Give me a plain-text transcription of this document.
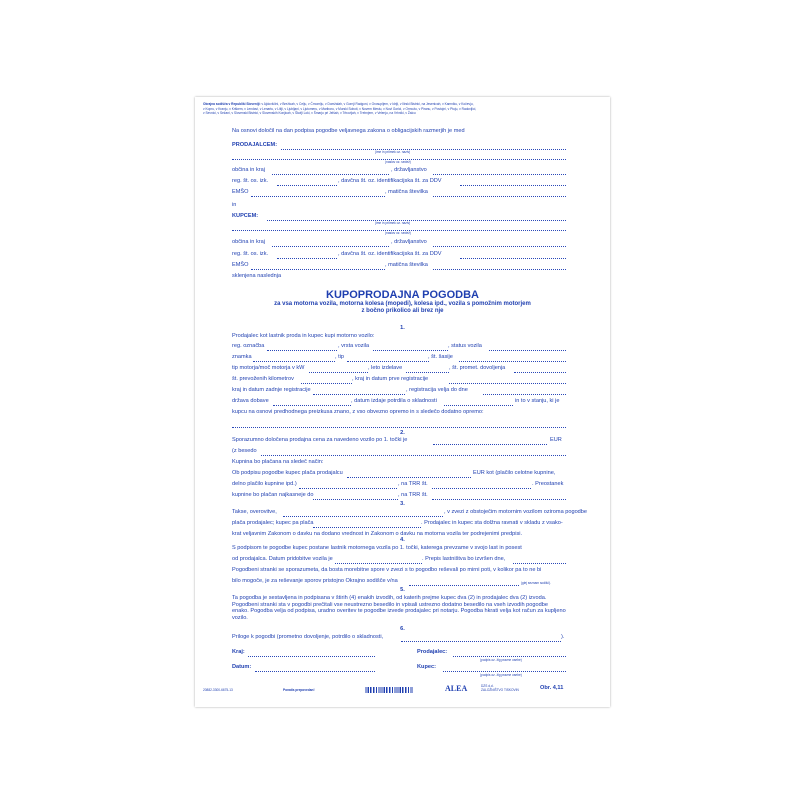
Okrajna sodišča v Republiki Sloveniji: v Ajdovščini, v Brežicah, v Celju, v Črnomlju, v Domžalah, v Gornji Radgoni, v Grosupljem, v Idriji, v Ilirski Bistrici, na Jesenicah, v Kamniku, v Kočevju,
v Kopru, v Kranju, v Krškem, v Lendavi, v Lenartu, v Litiji, v Ljubljani, v Ljutomeru, v Mariboru, v Murski Soboti, v Novem Mestu, v Novi Gorici, v Ormožu, v Piranu, v Postojni, v Ptuju, v Radovljici,
v Sevnici, v Sežani, v Slovenski Bistrici, v Slovenskih Konjicah, v Škofji Loki, v Šmarju pri Jelšah, v Trbovljah, v Trebnjem, v Velenju, na Vrhniki, v Žalcu
Na osnovi določil na dan podpisa pogodbe veljavnega zakona o obligacijskih razmerjih je med
PRODAJALCEM:
(ime in priimek oz. naziv)
(naslov oz. sedež)
občina in kraj	, državljanstvo
reg. št. os. izk.	, davčna št. oz. identifikacijska št. za DDV
EMŠO	, matična številka
in
KUPCEM:
(ime in priimek oz. naziv)
(naslov oz. sedež)
občina in kraj	, državljanstvo
reg. št. os. izk.	, davčna št. oz. identifikacijska št. za DDV
EMŠO	, matična številka
sklenjena naslednja
KUPOPRODAJNA POGODBA
za vsa motorna vozila, motorna kolesa (mopedi), kolesa ipd., vozila s pomožnim motorjem
z bočno prikolico ali brez nje
1.
Prodajalec kot lastnik proda in kupec kupi motorno vozilo:
reg. označba	, vrsta vozila	, status vozila
znamka	, tip	, št. šasije
tip motorja/moč motorja v kW	, leto izdelave	, št. promet. dovoljenja
št. prevoženih kilometrov	, kraj in datum prve registracije
kraj in datum zadnje registracije	, registracija velja do dne
država dobave	, datum izdaje potrdila o skladnosti	in to v stanju, ki je
kupcu na osnovi predhodnega preizkusa znano, z vso obvezno opremo in s sledečo dodatno opremo:
2.
Sporazumno določena prodajna cena za navedeno vozilo po 1. točki je	EUR
(z besedo
Kupnina bo plačana na sledeč način:
Ob podpisu pogodbe kupec plača prodajalcu	EUR kot (plačilo celotne kupnine,
delno plačilo kupnine ipd.)	, na TRR št.	. Preostanek
kupnine bo plačan najkasneje do	, na TRR št.
3.
Takse, overovitve,	, v zvezi z obstoječim motornim vozilom oziroma pogodbe
plača prodajalec; kupec pa plača	. Prodajalec in kupec sta dolžna ravnati v skladu z vsako-
krat veljavnim Zakonom o davku na dodano vrednost in Zakonom o davku na motorna vozila ter podrejenimi predpisi.
4.
S podpisom te pogodbe kupec postane lastnik motornega vozila po 1. točki, katerega prevzame v svojo last in posest
od prodajalca. Datum pridobitve vozila je	. Prepis lastništva bo izvršen dne,
Pogodbeni stranki se sporazumeta, da bosta morebitne spore v zvezi s to pogodbo reševali po mirni poti, v kolikor pa to ne bi
bilo mogoče, je za reševanje sporov pristojno Okrajno sodišče v/na	(glej seznam sodišč).
5.
Ta pogodba je sestavljena in podpisana v štirih (4) enakih izvodih, od katerih prejme kupec dva (2) in prodajalec dva (2) izvoda. Pogodbeni stranki sta v pogodbi prečitali vse neustrezno besedilo in vpisali ustrezno dodatno besedilo na vseh izvodih pogodbe enako. Pogodba velja od podpisa, uradno overitev te pogodbe izvede prodajalec pri notarju. Pogodba hkrati velja kot račun za kupljeno vozilo.
6.
Priloge k pogodbi (prometno dovoljenje, potrdilo o skladnosti,	).
Kraj:	Prodajalec:
(podpis oz. žig pravne osebe)
Datum:	Kupec:
(podpis oz. žig pravne osebe)
20882-3300-6675-13	Ponatis prepovedan!	ALEA	DZS d.d.
ZALOŽNIŠTVO TISKOVIN	Obr. 4,11
